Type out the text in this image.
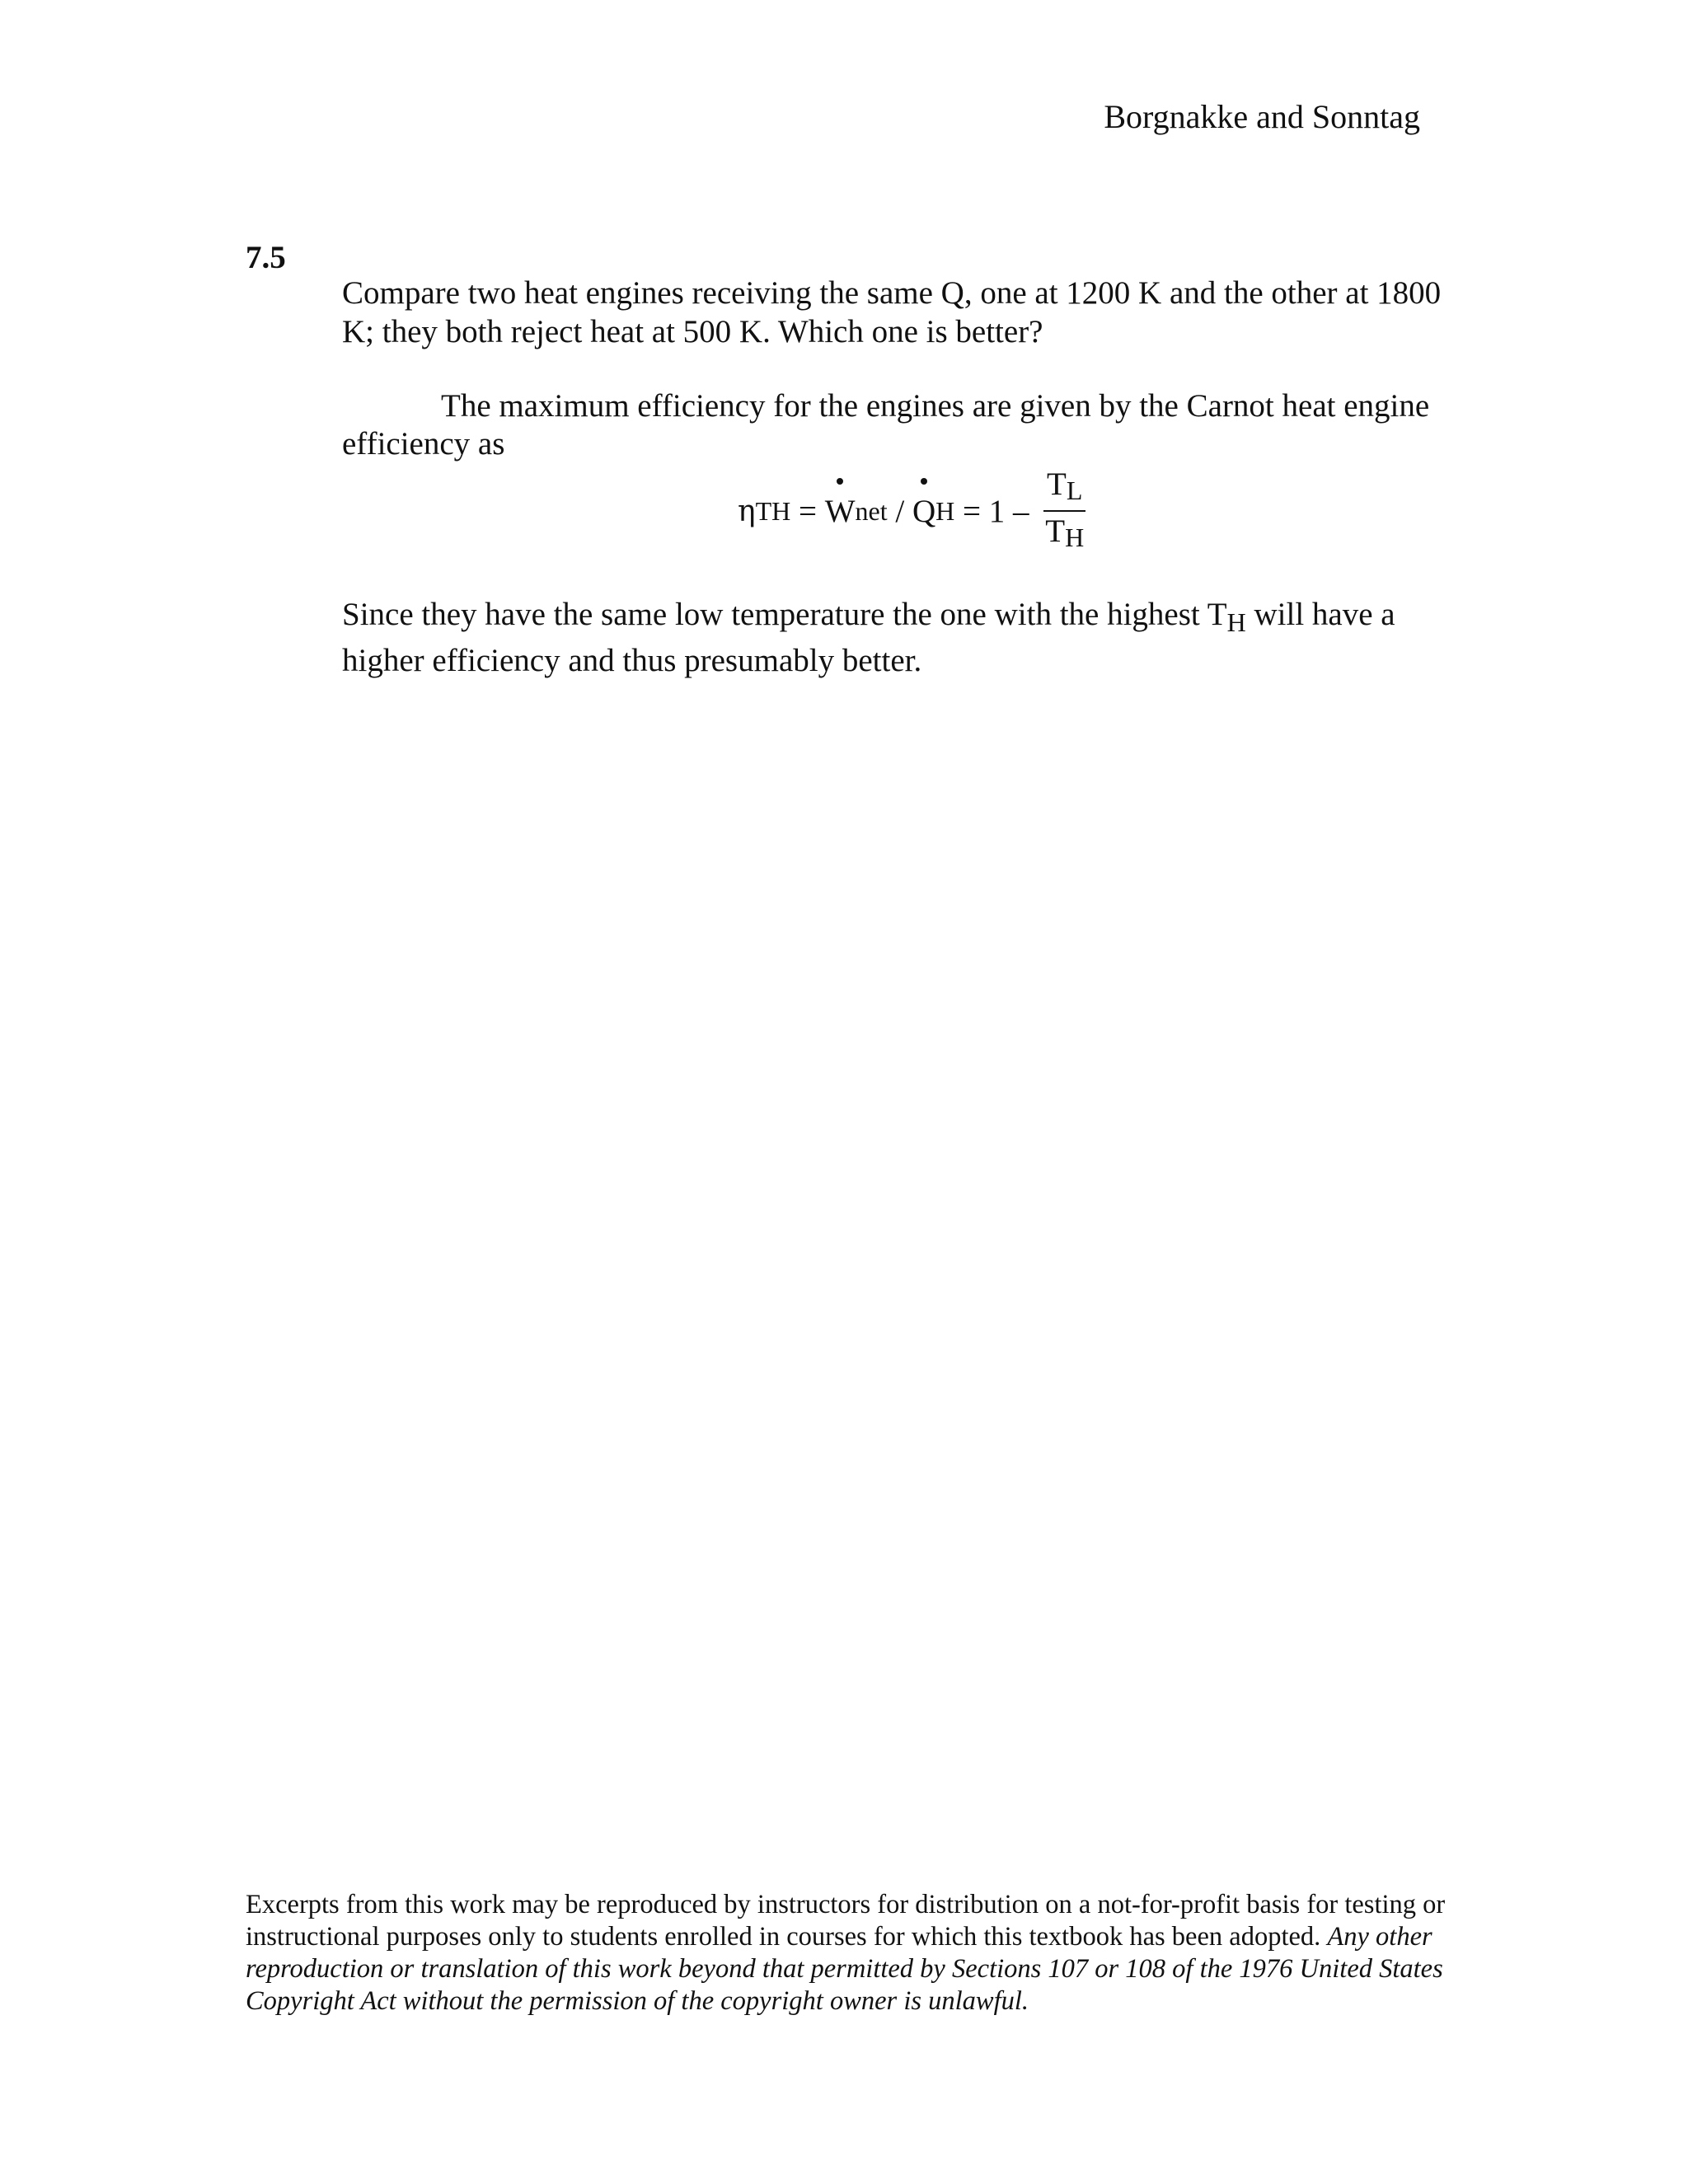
Borgnakke and Sonntag
7.5

Compare two heat engines receiving the same Q, one at 1200 K and the other at 1800 K; they both reject heat at 500 K. Which one is better?

The maximum efficiency for the engines are given by the Carnot heat engine efficiency as
η TH = W net / Q $H = 1 - \frac{T_L}{T_H}$
Since they have the same low temperature the one with the highest $T_H$ will have a higher efficiency and thus presumably better.
Excerpts from this work may be reproduced by instructors for distribution on a not-for-profit basis for testing or instructional purposes only to students enrolled in courses for which this textbook has been adopted. Any other reproduction or translation of this work beyond that permitted by Sections 107 or 108 of the 1976 United States Copyright Act without the permission of the copyright owner is unlawful.
